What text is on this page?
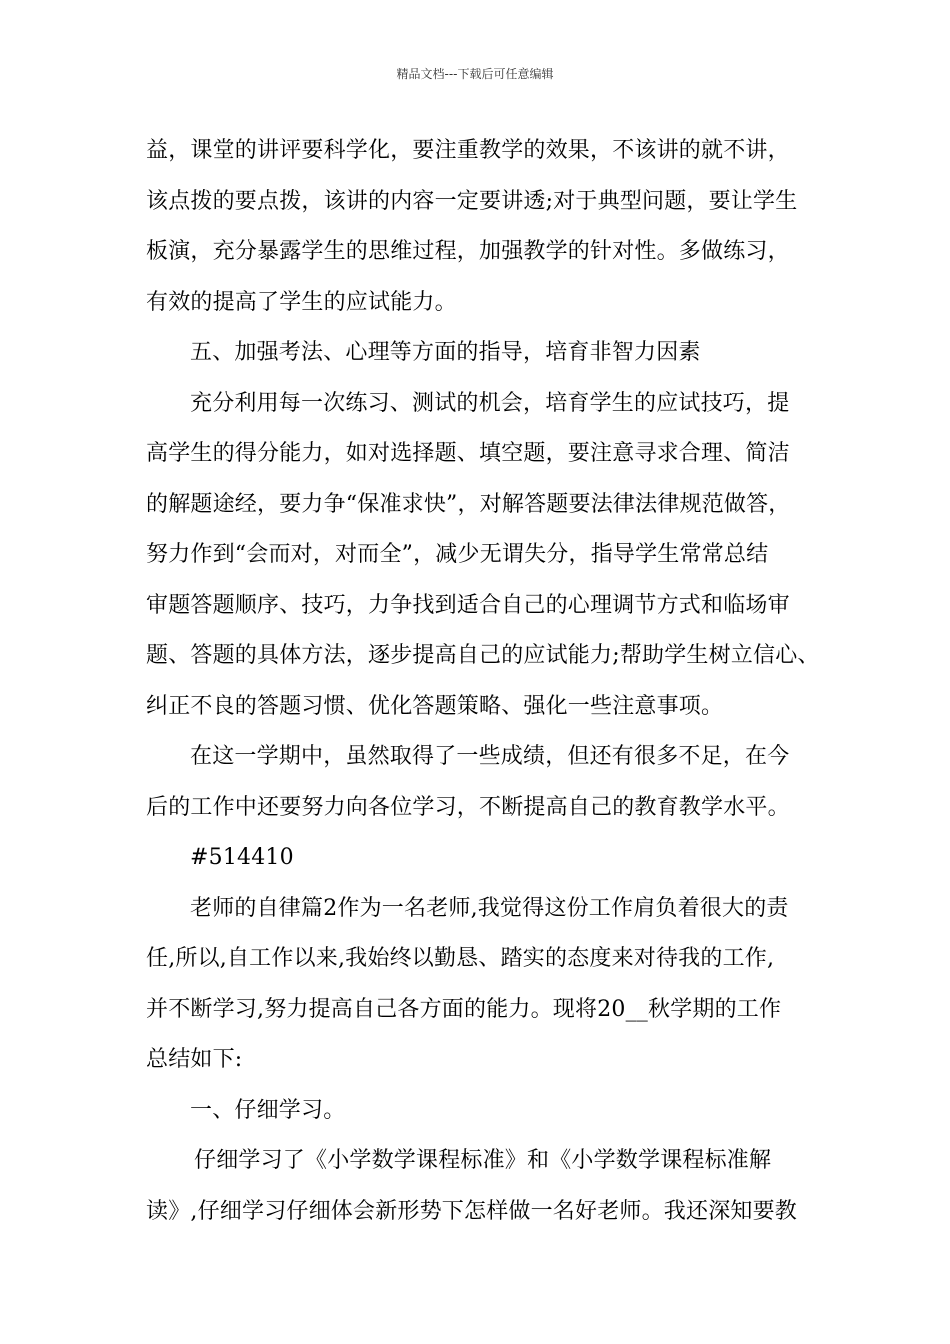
精品文档---下载后可任意编辑
益，课堂的讲评要科学化，要注重教学的效果，不该讲的就不讲，
该点拨的要点拨，该讲的内容一定要讲透;对于典型问题，要让学生
板演，充分暴露学生的思维过程，加强教学的针对性。多做练习，
有效的提高了学生的应试能力。
五、加强考法、心理等方面的指导，培育非智力因素
充分利用每一次练习、测试的机会，培育学生的应试技巧，提
高学生的得分能力，如对选择题、填空题，要注意寻求合理、简洁
的解题途经，要力争“保准求快”，对解答题要法律法律规范做答，
努力作到“会而对，对而全”，减少无谓失分，指导学生常常总结
审题答题顺序、技巧，力争找到适合自己的心理调节方式和临场审
题、答题的具体方法，逐步提高自己的应试能力;帮助学生树立信心、
纠正不良的答题习惯、优化答题策略、强化一些注意事项。
在这一学期中，虽然取得了一些成绩，但还有很多不足，在今
后的工作中还要努力向各位学习，不断提高自己的教育教学水平。
#514410
老师的自律篇2作为一名老师,我觉得这份工作肩负着很大的责
任,所以,自工作以来,我始终以勤恳、踏实的态度来对待我的工作,
并不断学习,努力提高自己各方面的能力。现将20__秋学期的工作
总结如下:
一、仔细学习。
仔细学习了《小学数学课程标准》和《小学数学课程标准解
读》,仔细学习仔细体会新形势下怎样做一名好老师。我还深知要教
